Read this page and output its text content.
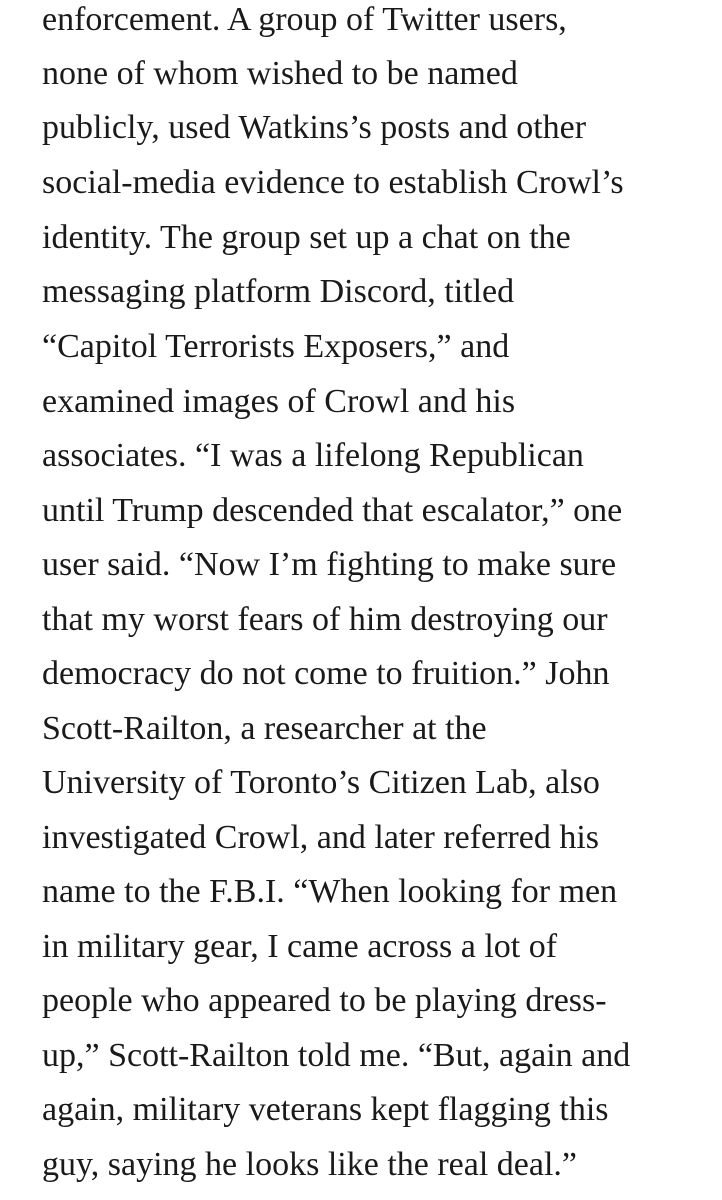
enforcement. A group of Twitter users,
none of whom wished to be named
publicly, used Watkins’s posts and other
social-media evidence to establish Crowl’s
identity. The group set up a chat on the
messaging platform Discord, titled
“Capitol Terrorists Exposers,” and
examined images of Crowl and his
associates. “I was a lifelong Republican
until Trump descended that escalator,” one
user said. “Now I’m fighting to make sure
that my worst fears of him destroying our
democracy do not come to fruition.” John
Scott-Railton, a researcher at the
University of Toronto’s Citizen Lab, also
investigated Crowl, and later referred his
name to the F.B.I. “When looking for men
in military gear, I came across a lot of
people who appeared to be playing dress-
up,” Scott-Railton told me. “But, again and
again, military veterans kept flagging this
guy, saying he looks like the real deal.”
